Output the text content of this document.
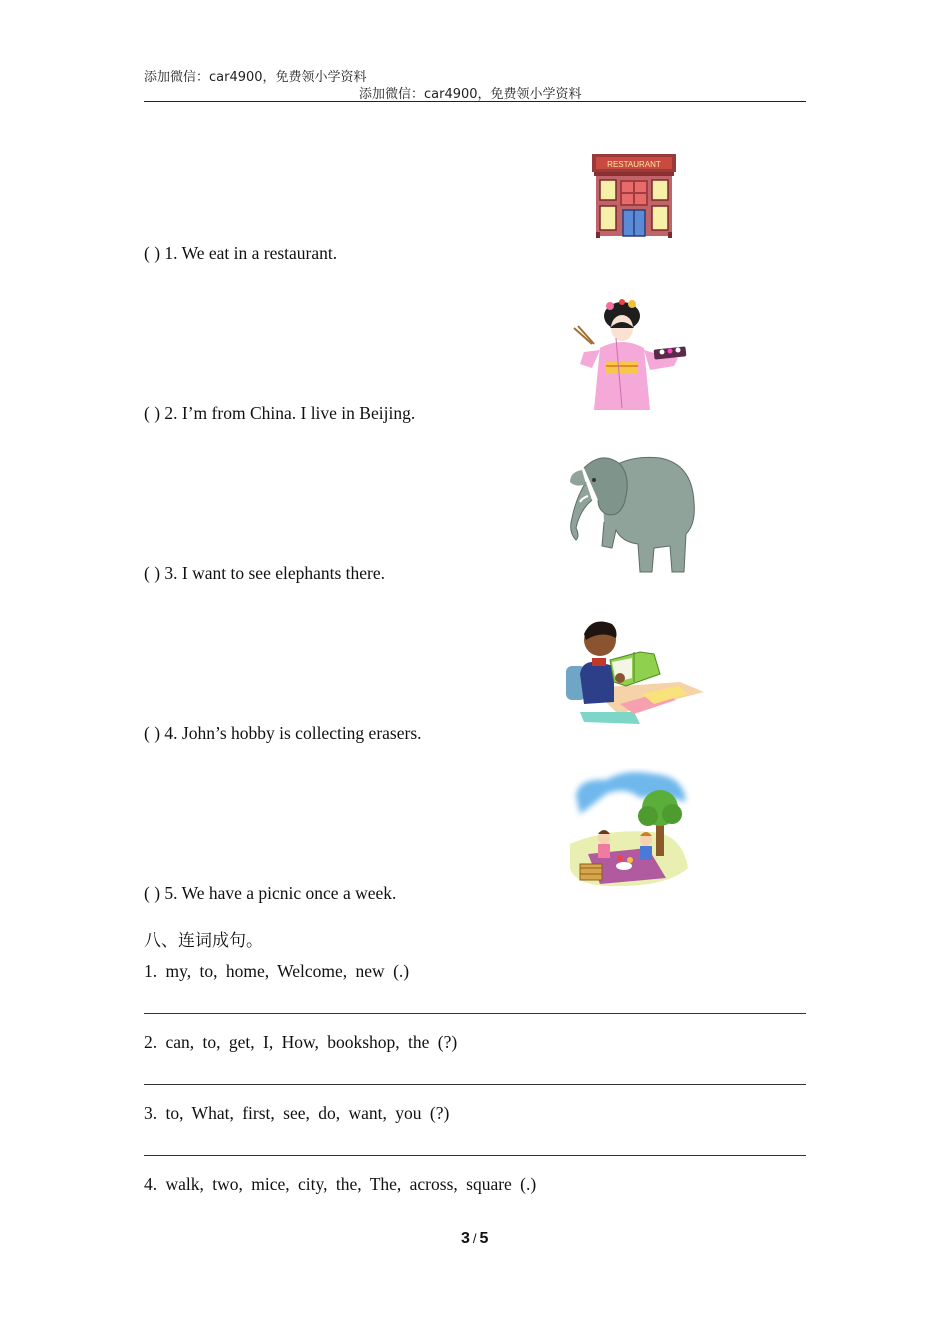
添加微信：car4900，免费领小学资料
添加微信：car4900，免费领小学资料
RESTAURANT
( ) 1. We eat in a restaurant.
( ) 2. I’m from China. I live in Beijing.
( ) 3. I want to see elephants there.
( ) 4. John’s hobby is collecting erasers.
( ) 5. We have a picnic once a week.
八、连词成句。
1. my, to, home, Welcome, new (.)
2. can, to, get, I, How, bookshop, the (?)
3. to, What, first, see, do, want, you (?)
4. walk, two, mice, city, the, The, across, square (.)
3 / 5
